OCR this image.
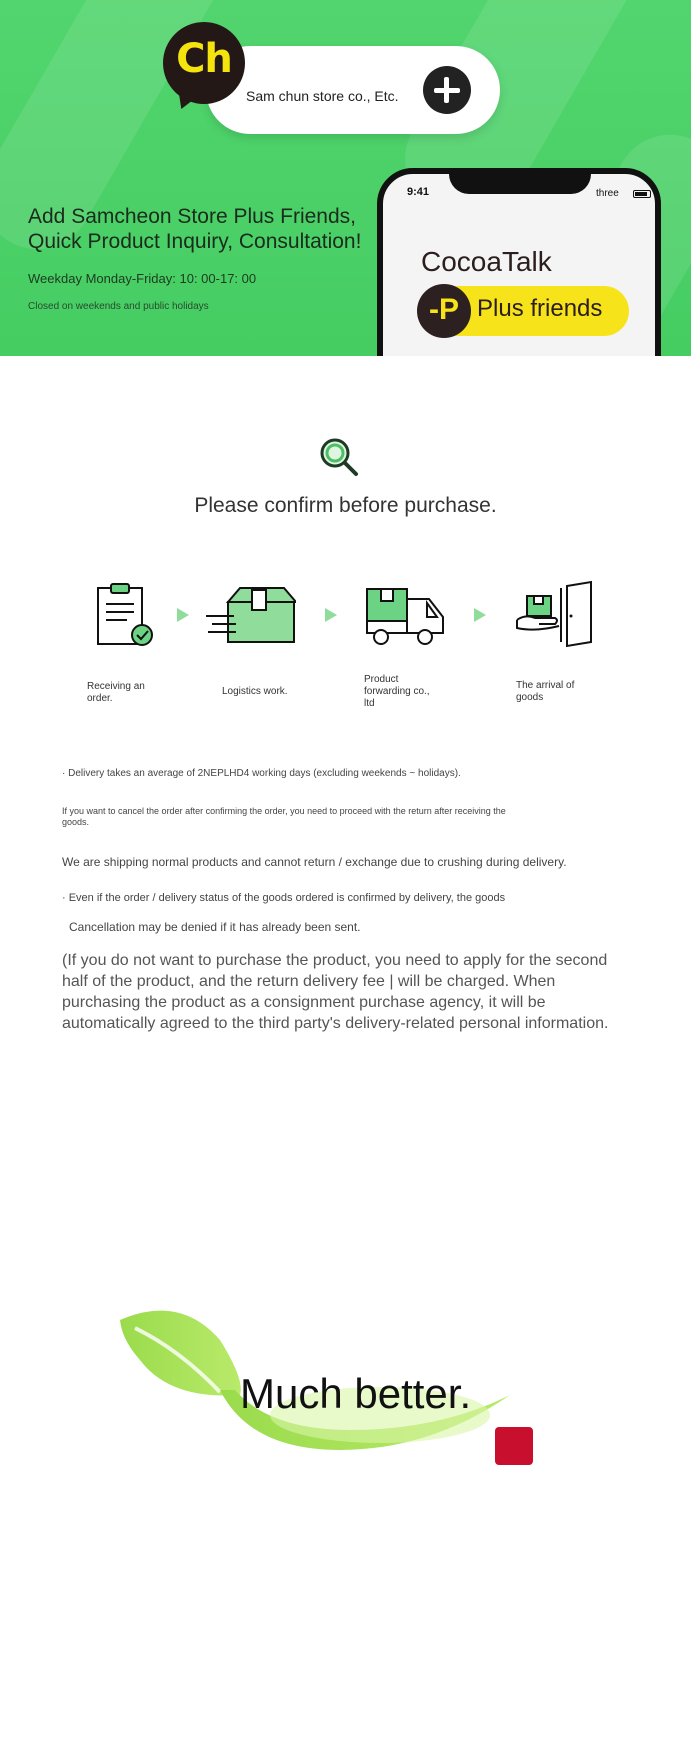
Sam chun store co., Etc.
Ch
Add Samcheon Store Plus Friends,
Quick Product Inquiry, Consultation!
Weekday Monday-Friday: 10: 00-17: 00
Closed on weekends and public holidays
9:41	three
CocoaTalk
-P Plus friends
Please confirm before purchase.
Receiving an
order.
Logistics work.
Product
forwarding co.,
ltd
The arrival of
goods
· Delivery takes an average of 2NEPLHD4 working days (excluding weekends ~ holidays).
If you want to cancel the order after confirming the order, you need to proceed with the return after receiving the
goods.
We are shipping normal products and cannot return / exchange due to crushing during delivery.
· Even if the order / delivery status of the goods ordered is confirmed by delivery, the goods
Cancellation may be denied if it has already been sent.
(If you do not want to purchase the product, you need to apply for the second half of the product, and the return delivery fee | will be charged. When purchasing the product as a consignment purchase agency, it will be automatically agreed to the third party's delivery-related personal information.
Much better.
